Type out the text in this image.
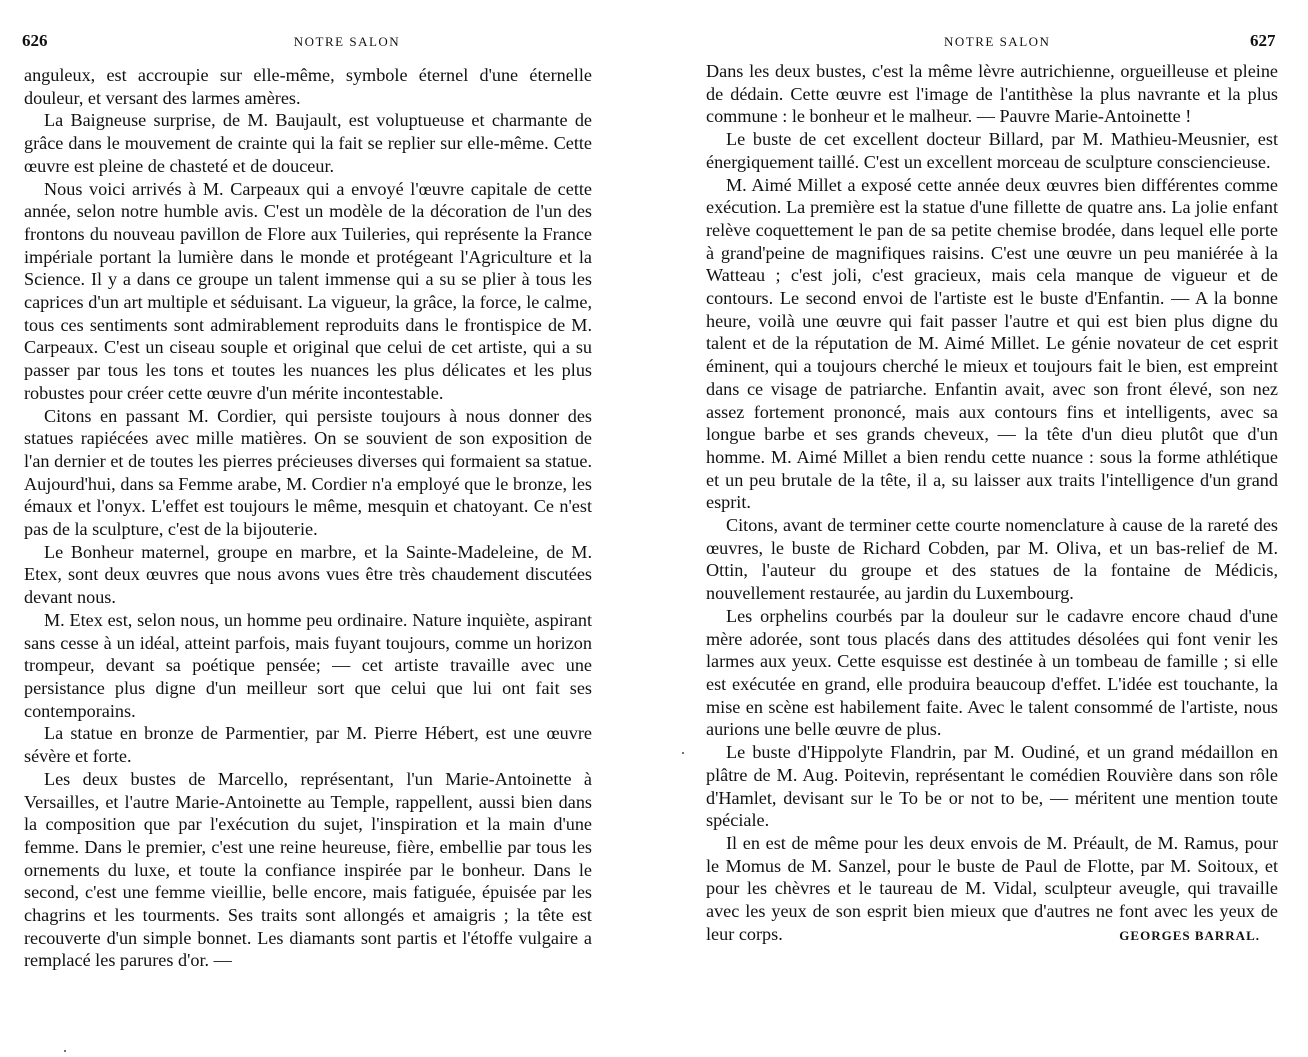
626	NOTRE SALON

anguleux, est accroupie sur elle-même, symbole éternel d'une éternelle douleur, et versant des larmes amères.

La Baigneuse surprise, de M. Baujault, est voluptueuse et charmante de grâce dans le mouvement de crainte qui la fait se replier sur elle-même. Cette œuvre est pleine de chasteté et de douceur.

Nous voici arrivés à M. Carpeaux qui a envoyé l'œuvre capitale de cette année, selon notre humble avis. C'est un modèle de la décoration de l'un des frontons du nouveau pavillon de Flore aux Tuileries, qui représente la France impériale portant la lumière dans le monde et protégeant l'Agriculture et la Science. Il y a dans ce groupe un talent immense qui a su se plier à tous les caprices d'un art multiple et séduisant. La vigueur, la grâce, la force, le calme, tous ces sentiments sont admirablement reproduits dans le frontispice de M. Carpeaux. C'est un ciseau souple et original que celui de cet artiste, qui a su passer par tous les tons et toutes les nuances les plus délicates et les plus robustes pour créer cette œuvre d'un mérite incontestable.

Citons en passant M. Cordier, qui persiste toujours à nous donner des statues rapiécées avec mille matières. On se souvient de son exposition de l'an dernier et de toutes les pierres précieuses diverses qui formaient sa statue. Aujourd'hui, dans sa Femme arabe, M. Cordier n'a employé que le bronze, les émaux et l'onyx. L'effet est toujours le même, mesquin et chatoyant. Ce n'est pas de la sculpture, c'est de la bijouterie.

Le Bonheur maternel, groupe en marbre, et la Sainte-Madeleine, de M. Etex, sont deux œuvres que nous avons vues être très chaudement discutées devant nous.

M. Etex est, selon nous, un homme peu ordinaire. Nature inquiète, aspirant sans cesse à un idéal, atteint parfois, mais fuyant toujours, comme un horizon trompeur, devant sa poétique pensée; — cet artiste travaille avec une persistance plus digne d'un meilleur sort que celui que lui ont fait ses contemporains.

La statue en bronze de Parmentier, par M. Pierre Hébert, est une œuvre sévère et forte.

Les deux bustes de Marcello, représentant, l'un Marie-Antoinette à Versailles, et l'autre Marie-Antoinette au Temple, rappellent, aussi bien dans la composition que par l'exécution du sujet, l'inspiration et la main d'une femme. Dans le premier, c'est une reine heureuse, fière, embellie par tous les ornements du luxe, et toute la confiance inspirée par le bonheur. Dans le second, c'est une femme vieillie, belle encore, mais fatiguée, épuisée par les chagrins et les tourments. Ses traits sont allongés et amaigris ; la tête est recouverte d'un simple bonnet. Les diamants sont partis et l'étoffe vulgaire a remplacé les parures d'or. —

NOTRE SALON	627

Dans les deux bustes, c'est la même lèvre autrichienne, orgueilleuse et pleine de dédain. Cette œuvre est l'image de l'antithèse la plus navrante et la plus commune : le bonheur et le malheur. — Pauvre Marie-Antoinette !

Le buste de cet excellent docteur Billard, par M. Mathieu-Meusnier, est énergiquement taillé. C'est un excellent morceau de sculpture consciencieuse.

M. Aimé Millet a exposé cette année deux œuvres bien différentes comme exécution. La première est la statue d'une fillette de quatre ans. La jolie enfant relève coquettement le pan de sa petite chemise brodée, dans lequel elle porte à grand'peine de magnifiques raisins. C'est une œuvre un peu maniérée à la Watteau ; c'est joli, c'est gracieux, mais cela manque de vigueur et de contours. Le second envoi de l'artiste est le buste d'Enfantin. — A la bonne heure, voilà une œuvre qui fait passer l'autre et qui est bien plus digne du talent et de la réputation de M. Aimé Millet. Le génie novateur de cet esprit éminent, qui a toujours cherché le mieux et toujours fait le bien, est empreint dans ce visage de patriarche. Enfantin avait, avec son front élevé, son nez assez fortement prononcé, mais aux contours fins et intelligents, avec sa longue barbe et ses grands cheveux, — la tête d'un dieu plutôt que d'un homme. M. Aimé Millet a bien rendu cette nuance : sous la forme athlétique et un peu brutale de la tête, il a, su laisser aux traits l'intelligence d'un grand esprit.

Citons, avant de terminer cette courte nomenclature à cause de la rareté des œuvres, le buste de Richard Cobden, par M. Oliva, et un bas-relief de M. Ottin, l'auteur du groupe et des statues de la fontaine de Médicis, nouvellement restaurée, au jardin du Luxembourg.

Les orphelins courbés par la douleur sur le cadavre encore chaud d'une mère adorée, sont tous placés dans des attitudes désolées qui font venir les larmes aux yeux. Cette esquisse est destinée à un tombeau de famille ; si elle est exécutée en grand, elle produira beaucoup d'effet. L'idée est touchante, la mise en scène est habilement faite. Avec le talent consommé de l'artiste, nous aurions une belle œuvre de plus.

Le buste d'Hippolyte Flandrin, par M. Oudiné, et un grand médaillon en plâtre de M. Aug. Poitevin, représentant le comédien Rouvière dans son rôle d'Hamlet, devisant sur le To be or not to be, — méritent une mention toute spéciale.

Il en est de même pour les deux envois de M. Préault, de M. Ramus, pour le Momus de M. Sanzel, pour le buste de Paul de Flotte, par M. Soitoux, et pour les chèvres et le taureau de M. Vidal, sculpteur aveugle, qui travaille avec les yeux de son esprit bien mieux que d'autres ne font avec les yeux de leur corps.	GEORGES BARRAL.
